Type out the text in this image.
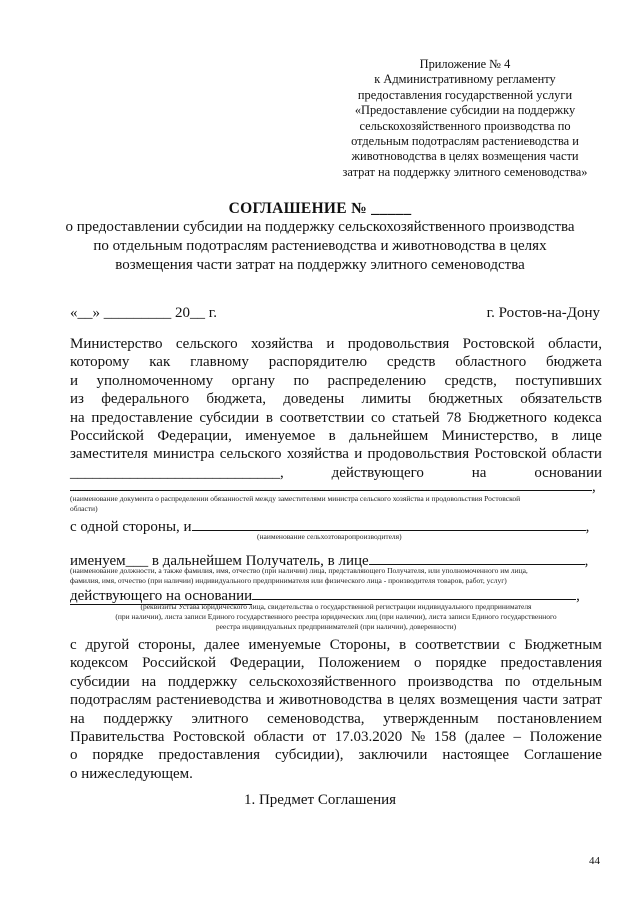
Приложение № 4
к Административному регламенту
предоставления государственной услуги
«Предоставление субсидии на поддержку
сельскохозяйственного производства по
отдельным подотраслям растениеводства и
животноводства в целях возмещения части
затрат на поддержку элитного семеноводства»
СОГЛАШЕНИЕ № _____
о предоставлении субсидии на поддержку сельскохозяйственного производства
по отдельным подотраслям растениеводства и животноводства в целях
возмещения части затрат на поддержку элитного семеноводства
«__» _________ 20__ г.	г. Ростов-на-Дону
Министерство сельского хозяйства и продовольствия Ростовской области,
которому как главному распорядителю средств областного бюджета
и уполномоченному органу по распределению средств, поступивших
из федерального бюджета, доведены лимиты бюджетных обязательств
на предоставление субсидии в соответствии со статьей 78 Бюджетного кодекса
Российской Федерации, именуемое в дальнейшем Министерство, в лице
заместителя министра сельского хозяйства и продовольствия Ростовской области
____________________________,	действующего	на	основании
,
(наименование документа о распределении обязанностей между заместителями министра сельского хозяйства и продовольствия Ростовской
области)
с одной стороны, и	,
(наименование сельхозтоваропроизводителя)
именуем___ в дальнейшем Получатель, в лице	,
(наименование должности, а также фамилия, имя, отчество (при наличии) лица, представляющего Получателя, или уполномоченного им лица,
фамилия, имя, отчество (при наличии) индивидуального предпринимателя или физического лица - производителя товаров, работ, услуг)
действующего на основании	,
(реквизиты Устава юридического лица, свидетельства о государственной регистрации индивидуального предпринимателя
(при наличии), листа записи Единого государственного реестра юридических лиц (при наличии), листа записи Единого государственного
реестра индивидуальных предпринимателей (при наличии), доверенности)
с другой стороны, далее именуемые Стороны, в соответствии с Бюджетным
кодексом Российской Федерации, Положением о порядке предоставления
субсидии на поддержку сельскохозяйственного производства по отдельным
подотраслям растениеводства и животноводства в целях возмещения части затрат
на поддержку элитного семеноводства, утвержденным постановлением
Правительства Ростовской области от 17.03.2020 № 158 (далее – Положение
о порядке предоставления субсидии), заключили настоящее Соглашение
о нижеследующем.
1. Предмет Соглашения
44
